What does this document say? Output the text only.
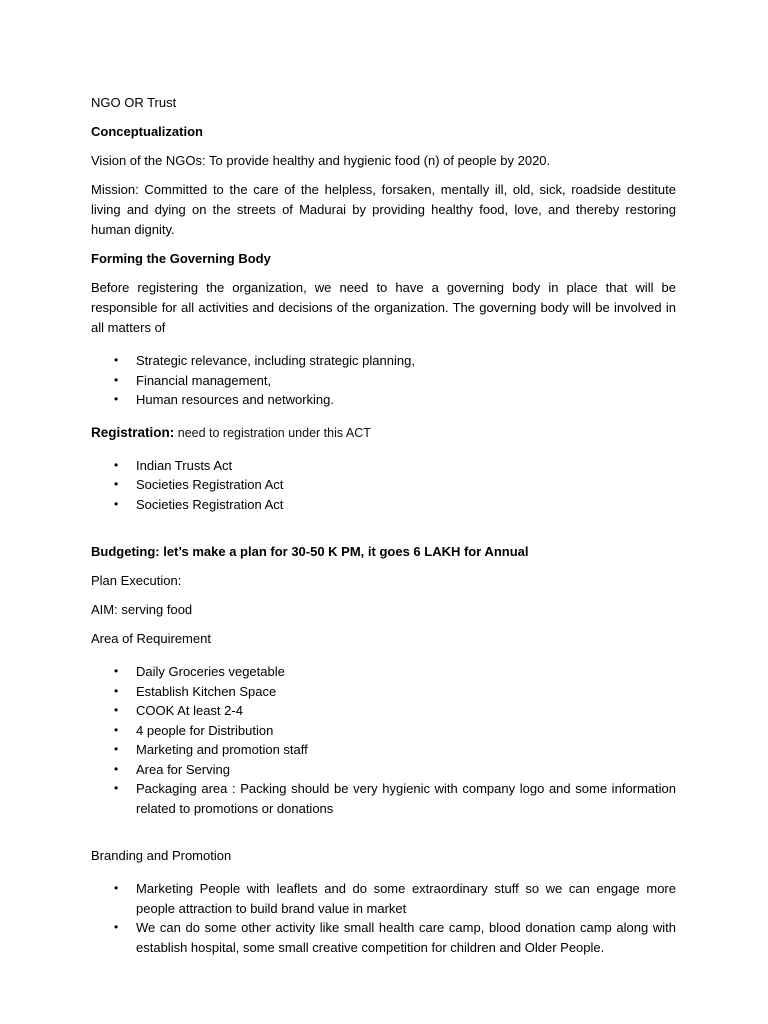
NGO OR Trust

Conceptualization

Vision of the NGOs: To provide healthy and hygienic food (n) of people by 2020.

Mission: Committed to the care of the helpless, forsaken, mentally ill, old, sick, roadside destitute living and dying on the streets of Madurai by providing healthy food, love, and thereby restoring human dignity.

Forming the Governing Body

Before registering the organization, we need to have a governing body in place that will be responsible for all activities and decisions of the organization. The governing body will be involved in all matters of

• Strategic relevance, including strategic planning,
• Financial management,
• Human resources and networking.

Registration: need to registration under this ACT

• Indian Trusts Act
• Societies Registration Act
• Societies Registration Act

Budgeting: let’s make a plan for 30-50 K PM, it goes 6 LAKH for Annual

Plan Execution:

AIM: serving food

Area of Requirement

• Daily Groceries vegetable
• Establish Kitchen Space
• COOK At least 2-4
• 4 people for Distribution
• Marketing and promotion staff
• Area for Serving
• Packaging area : Packing should be very hygienic with company logo and some information related to promotions or donations

Branding and Promotion

• Marketing People with leaflets and do some extraordinary stuff so we can engage more people attraction to build brand value in market
• We can do some other activity like small health care camp, blood donation camp along with establish hospital, some small creative competition for children and Older People.
